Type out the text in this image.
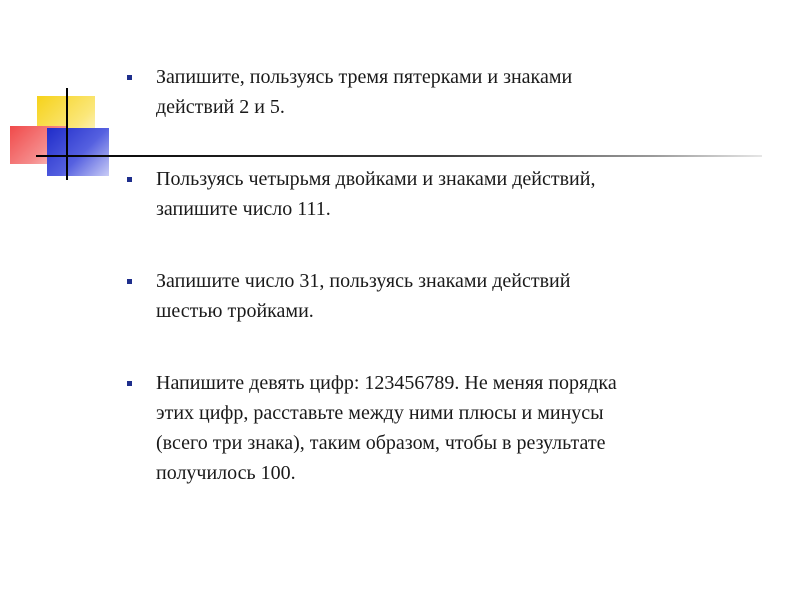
Запишите, пользуясь тремя пятерками и знаками
действий 2 и 5.
Пользуясь четырьмя двойками и знаками действий,
запишите число 111.
Запишите число 31, пользуясь знаками действий
шестью тройками.
Напишите девять цифр: 123456789. Не меняя порядка
этих цифр, расставьте между ними плюсы и минусы
(всего три знака), таким образом, чтобы в результате
получилось 100.
